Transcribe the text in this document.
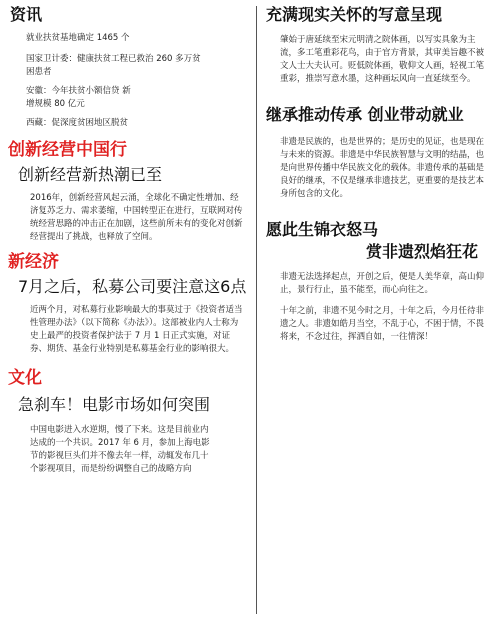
资讯
就业扶贫基地确定 1465 个
国家卫计委：健康扶贫工程已救治 260 多万贫困患者
安徽：今年扶贫小额信贷 新增规模 80 亿元
西藏：促深度贫困地区脱贫
创新经营中国行
创新经营新热潮已至
2016年，创新经营风起云涌，全球化不确定性增加、经济复苏乏力、需求萎缩，中国转型正在进行，互联网对传统经营思路的冲击正在加剧，这些前所未有的变化对创新经营提出了挑战，也释放了空间。
新经济
7月之后，私募公司要注意这6点
近两个月，对私募行业影响最大的事莫过于《投资者适当性管理办法》（以下简称《办法》）。这部被业内人士称为史上最严的投资者保护法于 7 月 1 日正式实施，对证券、期货、基金行业特别是私募基金行业的影响很大。
文化
急刹车！电影市场如何突围
中国电影进入水逆期，慢了下来。这是目前业内达成的一个共识。2017 年 6 月，参加上海电影节的影视巨头们并不像去年一样，动辄发布几十个影视项目，而是纷纷调整自己的战略方向
充满现实关怀的写意呈现
肇始于唐延续至宋元明清之院体画，以写实具象为主流，多工笔重彩花鸟，由于官方背景，其审美旨趣不被文人士大夫认可。贬低院体画，敬仰文人画，轻视工笔重彩，推崇写意水墨，这种画坛风向一直延续至今。
继承推动传承 创业带动就业
非遗是民族的，也是世界的；是历史的见证，也是现在与未来的资源。非遗是中华民族智慧与文明的结晶，也是向世界传播中华民族文化的载体。非遗传承的基础是良好的继承，不仅是继承非遗技艺，更重要的是技艺本身所包含的文化。
愿此生锦衣怒马
赏非遗烈焰狂花
非遗无法选择起点，开创之后，便是人美华章，高山仰止，景行行止，虽不能至，而心向往之。
十年之前，非遗不见今时之月，十年之后，今月任待非遗之人。非遗如皓月当空，不乱于心，不困于情，不畏将来，不念过往，挥洒自如，一往情深！
